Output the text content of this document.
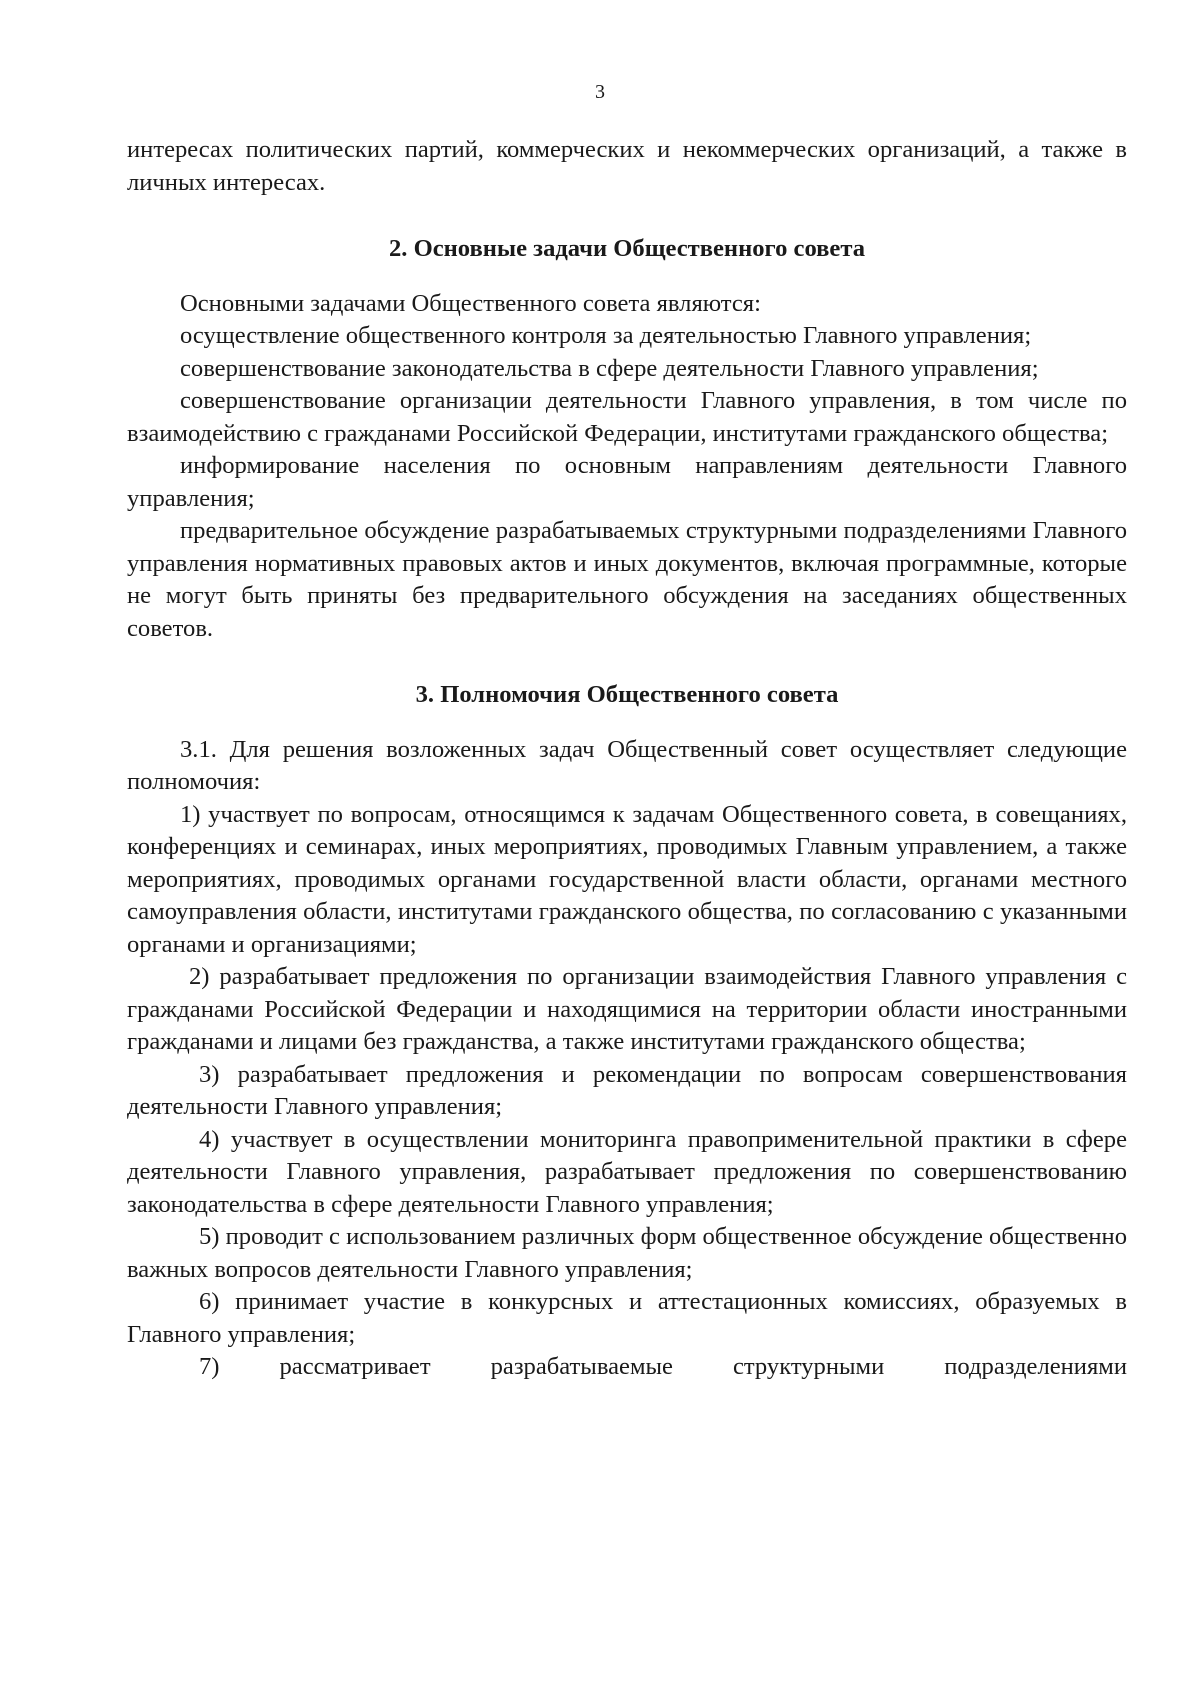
3

интересах политических партий, коммерческих и некоммерческих организаций, а также в личных интересах.

2. Основные задачи Общественного совета

Основными задачами Общественного совета являются:

осуществление общественного контроля за деятельностью Главного управления;

совершенствование законодательства в сфере деятельности Главного управления;

совершенствование организации деятельности Главного управления, в том числе по взаимодействию с гражданами Российской Федерации, институтами гражданского общества;

информирование населения по основным направлениям деятельности Главного управления;

предварительное обсуждение разрабатываемых структурными подразделениями Главного управления нормативных правовых актов и иных документов, включая программные, которые не могут быть приняты без предварительного обсуждения на заседаниях общественных советов.

3. Полномочия Общественного совета

3.1. Для решения возложенных задач Общественный совет осуществляет следующие полномочия:

1) участвует по вопросам, относящимся к задачам Общественного совета, в совещаниях, конференциях и семинарах, иных мероприятиях, проводимых Главным управлением, а также мероприятиях, проводимых органами государственной власти области, органами местного самоуправления области, институтами гражданского общества, по согласованию с указанными органами и организациями;

2) разрабатывает предложения по организации взаимодействия Главного управления с гражданами Российской Федерации и находящимися на территории области иностранными гражданами и лицами без гражданства, а также институтами гражданского общества;

3) разрабатывает предложения и рекомендации по вопросам совершенствования деятельности Главного управления;

4) участвует в осуществлении мониторинга правоприменительной практики в сфере деятельности Главного управления, разрабатывает предложения по совершенствованию законодательства в сфере деятельности Главного управления;

5) проводит с использованием различных форм общественное обсуждение общественно важных вопросов деятельности Главного управления;

6) принимает участие в конкурсных и аттестационных комиссиях, образуемых в Главного управления;

7) рассматривает разрабатываемые структурными подразделениями
